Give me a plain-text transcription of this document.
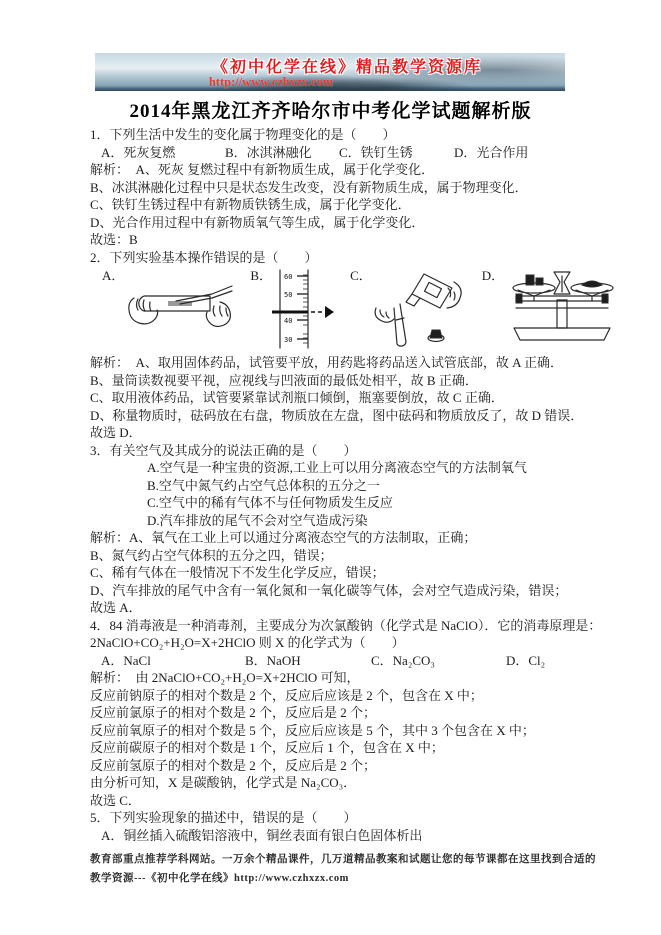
《初中化学在线》精品教学资源库
http://www.czhxzx.com
2014年黑龙江齐齐哈尔市中考化学试题解析版
1．下列生活中发生的变化属于物理变化的是（　　）
A．死灰复燃	B．冰淇淋融化	C．铁钉生锈	D．光合作用
解析：　A、死灰 复燃过程中有新物质生成，属于化学变化．
B、冰淇淋融化过程中只是状态发生改变，没有新物质生成，属于物理变化．
C、铁钉生锈过程中有新物质铁锈生成，属于化学变化．
D、光合作用过程中有新物质氧气等生成，属于化学变化．
故选：B
2．下列实验基本操作错误的是（　　）
A．	B． 60
50
40
30
C．	D．
解析：　A、取用固体药品，试管要平放，用药匙将药品送入试管底部，故 A 正确．
B、量筒读数视要平视，应视线与凹液面的最低处相平，故 B 正确．
C、取用液体药品，试管要紧靠试剂瓶口倾倒，瓶塞要倒放，故 C 正确．
D、称量物质时，砝码放在右盘，物质放在左盘，图中砝码和物质放反了，故 D 错误．
故选 D．
3．有关空气及其成分的说法正确的是（　　）
A.空气是一种宝贵的资源,工业上可以用分离液态空气的方法制氧气
B.空气中氮气约占空气总体积的五分之一
C.空气中的稀有气体不与任何物质发生反应
D.汽车排放的尾气不会对空气造成污染
解析：A、氧气在工业上可以通过分离液态空气的方法制取，正确；
B、氮气约占空气体积的五分之四，错误；
C、稀有气体在一般情况下不发生化学反应，错误；
D、汽车排放的尾气中含有一氧化氮和一氧化碳等气体，会对空气造成污染，错误；
故选 A．
4．84 消毒液是一种消毒剂，主要成分为次氯酸钠（化学式是 NaClO）．它的消毒原理是：
2NaClO+CO₂+H₂O=X+2HClO 则 X 的化学式为（　　）
A．NaCl	B．NaOH	C．Na₂CO₃	D．Cl₂
解析：　由 2NaClO+CO₂+H₂O=X+2HClO 可知，
反应前钠原子的相对个数是 2 个，反应后应该是 2 个，包含在 X 中；
反应前氯原子的相对个数是 2 个，反应后是 2 个；
反应前氧原子的相对个数是 5 个，反应后应该是 5 个，其中 3 个包含在 X 中；
反应前碳原子的相对个数是 1 个，反应后 1 个，包含在 X 中；
反应前氢原子的相对个数是 2 个，反应后是 2 个；
由分析可知，X 是碳酸钠，化学式是 Na₂CO₃．
故选 C．
5．下列实验现象的描述中，错误的是（　　）
A．铜丝插入硫酸铝溶液中，铜丝表面有银白色固体析出
教育部重点推荐学科网站。一万余个精品课件，几万道精品教案和试题让您的每节课都在这里找到合适的
教学资源---《初中化学在线》http://www.czhxzx.com
